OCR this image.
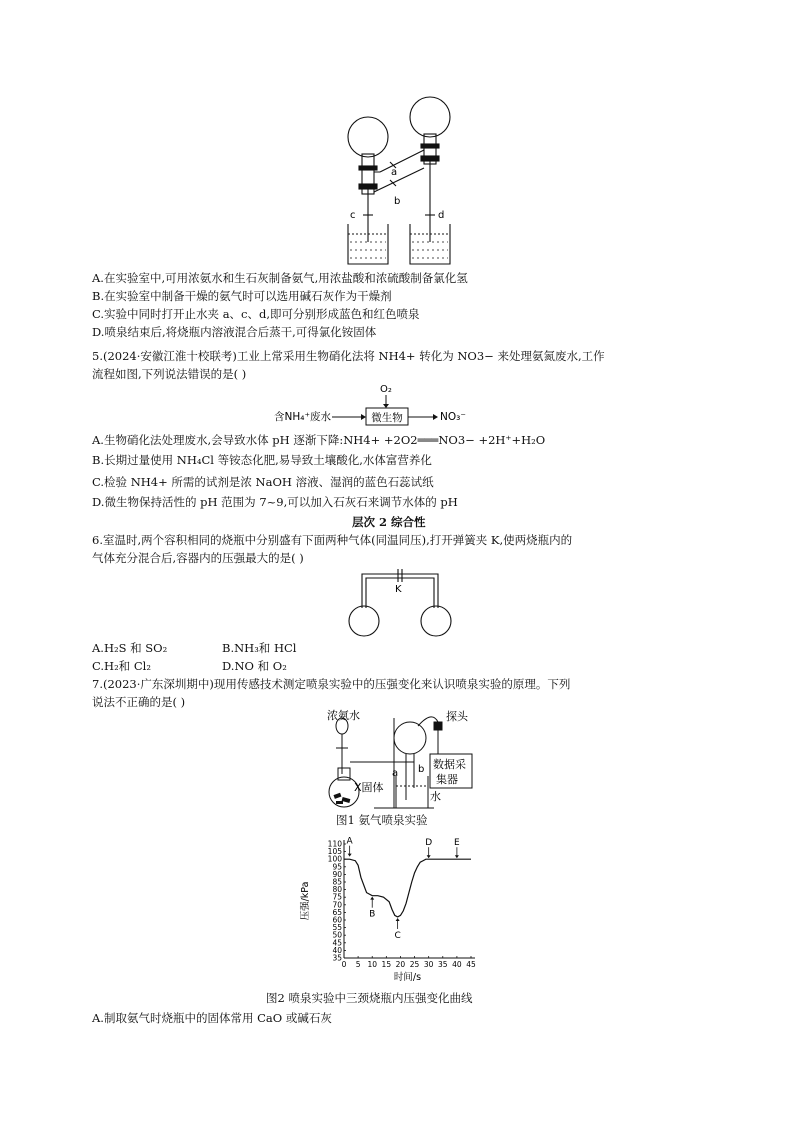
a
b
c	d
A.在实验室中,可用浓氨水和生石灰制备氨气,用浓盐酸和浓硫酸制备氯化氢
B.在实验室中制备干燥的氨气时可以选用碱石灰作为干燥剂
C.实验中同时打开止水夹 a、c、d,即可分别形成蓝色和红色喷泉
D.喷泉结束后,将烧瓶内溶液混合后蒸干,可得氯化铵固体
5.(2024·安徽江淮十校联考)工业上常采用生物硝化法将 NH4+ 转化为 NO3− 来处理氨氮废水,工作
流程如图,下列说法错误的是( )
O₂
含NH₄⁺废水	微生物	NO₃⁻
A.生物硝化法处理废水,会导致水体 pH 逐渐下降:NH4+ +2O2═══NO3− +2H⁺+H₂O
B.长期过量使用 NH₄Cl 等铵态化肥,易导致土壤酸化,水体富营养化
C.检验 NH4+ 所需的试剂是浓 NaOH 溶液、湿润的蓝色石蕊试纸
D.微生物保持活性的 pH 范围为 7~9,可以加入石灰石来调节水体的 pH
层次 2 综合性
6.室温时,两个容积相同的烧瓶中分别盛有下面两种气体(同温同压),打开弹簧夹 K,使两烧瓶内的
气体充分混合后,容器内的压强最大的是( )
K
A.H₂S 和 SO₂	B.NH₃和 HCl
C.H₂和 Cl₂	D.NO 和 O₂
7.(2023·广东深圳期中)现用传感技术测定喷泉实验中的压强变化来认识喷泉实验的原理。下列
说法不正确的是( )
浓氨水	探头
数据采
集器
X固体
水
a b
图1 氨气喷泉实验
0 5 10 15 20 25 30 35 40 45
35
40
45
50
55
60
65
70
75
80
85
90
95
100
105
110
时间/s
压强/kPa
A
B
C
D E
图2 喷泉实验中三颈烧瓶内压强变化曲线
A.制取氨气时烧瓶中的固体常用 CaO 或碱石灰
